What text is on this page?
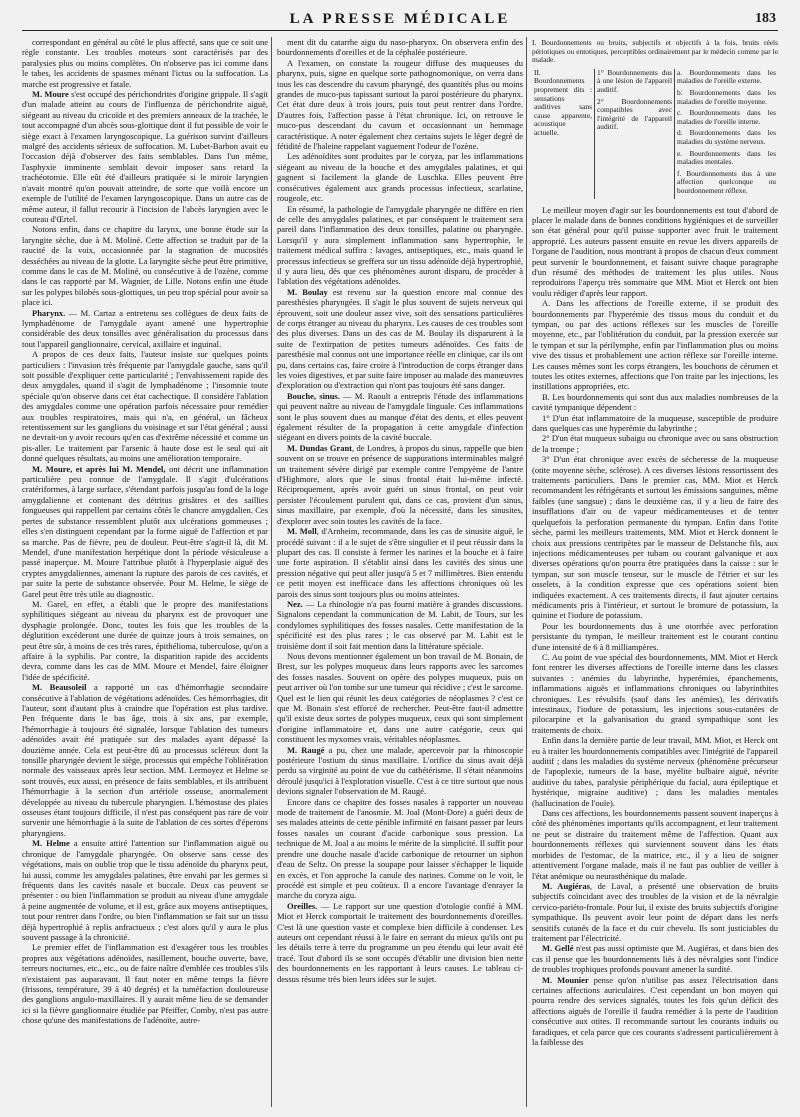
LA PRESSE MÉDICALE	183

correspondant en général au côté le plus affecté, sans que ce soit une règle constante. Les troubles moteurs sont caractérisés par des paralysies plus ou moins complètes. On n'observe pas ici comme dans le tabes, les accidents de spasmes ménant l'ictus ou la suffocation. La marche est progressive et fatale.

M. Moure s'est occupé des périchondrites d'origine grippale. Il s'agit d'un malade atteint au cours de l'influenza de périchondrite aiguë, siégeant au niveau du cricoïde et des premiers anneaux de la trachée, le tout accompagné d'un abcès sous-glottique dont il fut possible de voir le siège exact à l'examen laryngoscopique. La guérison survint d'ailleurs malgré des accidents sérieux de suffocation. M. Lubet-Barbon avait eu l'occasion déjà d'observer des faits semblables. Dans l'un même, l'asphyxie imminente semblait devoir imposer sans retard la trachéotomie. Elle eût été d'ailleurs pratiquée si le miroir laryngien n'avait montré qu'on pouvait atteindre, de sorte que voilà encore un exemple de l'utilité de l'examen laryngoscopique. Dans un autre cas de même auteur, il fallut recourir à l'incision de l'abcès laryngien avec le couteau d'Œrtel.

Notons enfin, dans ce chapitre du larynx, une bonne étude sur la laryngite sèche, due à M. Moliné. Cette affection se traduit par de la raucité de la voix, occasionnée par la stagnation de mucosités desséchées au niveau de la glotte. La laryngite sèche peut être primitive, comme dans le cas de M. Moliné, ou consécutive à de l'ozène, comme dans le cas rapporté par M. Wagnier, de Lille. Notons enfin une étude sur les polypes bilobés sous-glottiques, un peu trop spécial pour avoir sa place ici.

Pharynx. — M. Cartaz a entretenu ses collègues de deux faits de lymphadénome de l'amygdale ayant amené une hypertrophie considérable des deux tonsilles avec généralisation du processus dans tout l'appareil ganglionnaire, cervical, axillaire et inguinal.

A propos de ces deux faits, l'auteur insiste sur quelques points particuliers : l'invasion très fréquente par l'amygdale gauche, sans qu'il soit possible d'expliquer cette particularité ; l'envahissement rapide des deux amygdales, quand il s'agit de lymphadénome ; l'insomnie toute spéciale qu'on observe dans cet état cachectique. Il considère l'ablation des amygdales comme une opération parfois nécessaire pour remédier aux troubles respiratoires, mais qui n'a, en général, un fâcheux retentissement sur les ganglions du voisinage et sur l'état général ; aussi ne devrait-on y avoir recours qu'en cas d'extrême nécessité et comme un pis-aller. Le traitement par l'arsenic à haute dose est le seul qui ait donné quelques résultats, au moins une amélioration temporaire.

M. Moure, et après lui M. Mendel, ont décrit une inflammation particulière peu connue de l'amygdale. Il s'agit d'ulcérations cratériformes, à large surface, s'étendant parfois jusqu'au fond de la loge amygdalienne et contenant des détritus grisâtres et des saillies fongueuses qui rappellent par certains côtés le chancre amygdalien. Ces pertes de substance ressemblent plutôt aux ulcérations gommeuses ; elles s'en distinguent cependant par la forme aiguë de l'affection et par sa marche. Pas de fièvre, peu de douleur. Peut-être s'agit-il là, dit M. Mendel, d'une manifestation herpétique dont la période vésiculeuse a passé inaperçue. M. Moure l'attribue plutôt à l'hyperplasie aiguë des cryptes amygdaliennes, amenant la rupture des parois de ces cavités, et par suite la perte de substance observée. Pour M. Helme, le siège de Garel peut être très utile au diagnostic.

M. Garel, en effet, a établi que le propre des manifestations syphilitiques siégeant au niveau du pharynx est de provoquer une dysphagie prolongée. Donc, toutes les fois que les troubles de la déglutition excéderont une durée de quinze jours à trois semaines, on peut être sûr, à moins de ces très rares, épithélioma, tuberculose, qu'on a affaire à la syphilis. Par contre, la disparition rapide des accidents devra, comme dans les cas de MM. Moure et Mendel, faire éloigner l'idée de spécificité.

M. Beausoleil a rapporté un cas d'hémorrhagie secondaire consécutive à l'ablation de végétations adénoïdes. Ces hémorrhagies, dit l'auteur, sont d'autant plus à craindre que l'opération est plus tardive. Pen fréquente dans le bas âge, trois à six ans, par exemple, l'hémorrhagie à toujours été signalée, lorsque l'ablation des tumeurs adénoïdes avait été pratiquée sur des malades ayant dépassé la douzième année. Cela est peut-être dû au processus scléreux dont la tonsille pharyngée devient le siège, processus qui empêche l'oblitération normale des vaisseaux après leur section. MM. Lermoyez et Helme se sont trouvés, eux aussi, en présence de faits semblables, et ils attribuent l'hémorrhagie à la section d'un artériole osseuse, anormalement développée au niveau du tubercule pharyngien. L'hémostase des plaies osseuses étant toujours difficile, il n'est pas conséquent pas rare de voir survenir une hémorrhagie à la suite de l'ablation de ces sortes d'éperons pharyngiens.

M. Helme a ensuite attiré l'attention sur l'inflammation aiguë ou chronique de l'amygdale pharyngée. On observe sans cesse des végétations, mais on oublie trop que le tissu adénoïde du pharynx peut, lui aussi, comme les amygdales palatines, être envahi par les germes si fréquents dans les cavités nasale et buccale. Deux cas peuvent se présenter : ou bien l'inflammation se produit au niveau d'une amygdale à peine augmentée de volume, et il est, grâce aux moyens antiseptiques, tout pour rentrer dans l'ordre, ou bien l'inflammation se fait sur un tissu déjà hypertrophié à replis anfractueux ; c'est alors qu'il y aura le plus souvent passage à la chronicité.

Le premier effet de l'inflammation est d'exagérer tous les troubles propres aux végétations adénoïdes, nasillement, bouche ouverte, bave, terreurs nocturnes, etc., etc., ou de faire naître d'emblée ces troubles s'ils n'existaient pas auparavant. Il faut noter en même temps la fièvre (frissons, température, 39 à 40 degrés) et la tuméfaction douloureuse des ganglions angulo-maxillaires. Il y aurait même lieu de se demander ici si la fièvre ganglionnaire étudiée par Pfeiffer, Comby, n'est pas autre chose qu'une des manifestations de l'adénoïte, autre-

ment dit du catarrhe aigu du naso-pharynx. On observera enfin des bourdonnements d'oreilles et de la céphalée postérieure.

A l'examen, on constate la rougeur diffuse des muqueuses du pharynx, puis, signe en quelque sorte pathognomonique, on verra dans tous les cas descendre du cavum pharyngé, des quantités plus ou moins grandes de muco-pus tapissant surtout la paroi postérieure du pharynx. Cet état dure deux à trois jours, puis tout peut rentrer dans l'ordre. D'autres fois, l'affection passe à l'état chronique. Ici, on retrouve le muco-pus descendant du cavum et occasionnant un hemmage caractéristique. A noter également chez certains sujets le léger degré de fétidité de l'haleine rappelant vaguement l'odeur de l'ozène.

Les adénoïdites sont produites par le coryza, par les inflammations siégeant au niveau de la bouche et des amygdales palatines, et qui gagnent si facilement la glande de Luschka. Elles peuvent être consécutives également aux grands processus infectieux, scarlatine, rougeole, etc.

En résumé, la pathologie de l'amygdale pharyngée ne diffère en rien de celle des amygdales palatines, et par conséquent le traitement sera pareil dans l'inflammation des deux tonsilles, palatine ou pharyngée. Lorsqu'il y aura simplement inflammation sans hypertrophie, le traitement médical suffira : lavages, antiseptiques, etc., mais quand le processus infectieux se greffera sur un tissu adénoïde déjà hypertrophié, il y aura lieu, dès que ces phénomènes auront disparu, de procéder à l'ablation des végétations adénoïdes.

M. Boulay est revenu sur la question encore mal connue des paresthésies pharyngées. Il s'agit le plus souvent de sujets nerveux qui éprouvent, soit une douleur assez vive, soit des sensations particulières de corps étranger au niveau du pharynx. Les causes de ces troubles sont des plus diverses. Dans un des cas de M. Boulay ils disparurent à la suite de l'extirpation de petites tumeurs adénoïdes. Ces faits de paresthésie mal connus ont une importance réelle en clinique, car ils ont pu, dans certains cas, faire croire à l'introduction de corps étranger dans les voies digestives, et par suite faire imposer au malade des manœuvres d'exploration ou d'extraction qui n'ont pas toujours été sans danger.

Bouche, sinus. — M. Raoult a entrepris l'étude des inflammations qui peuvent naître au niveau de l'amygdale linguale. Ces inflammations sont le plus souvent dues au manque d'état des dents, et elles peuvent également résulter de la propagation à cette amygdale d'infection siégeant en divers points de la cavité buccale.

M. Dundas Grant, de Londres, à propos du sinus, rappelle que bien souvent on se trouve en présence de suppurations interminables malgré un traitement sévère dirigé par exemple contre l'empyème de l'antre d'Highmore, alors que le sinus frontal était lui-même infecté. Réciproquement, après avoir guéri un sinus frontal, on peut voir persister l'écoulement purulent qui, dans ce cas, provient d'un sinus, sinus maxillaire, par exemple, d'où la nécessité, dans les sinusites, d'explorer avec soin toutes les cavités de la face.

M. Moll, d'Arnheim, recommande, dans les cas de sinusite aiguë, le procédé suivant : il a le sujet de s'être singulier et il peut réussir dans la plupart des cas. Il consiste à fermer les narines et la bouche et à faire une forte aspiration. Il s'établit ainsi dans les cavités des sinus une pression négative qui peut aller jusqu'à 5 et 7 millimètres. Bien entendu ce petit moyen est inefficace dans les affections chroniques où les parois des sinus sont toujours plus ou moins atteintes.

Nez. — La rhinologie n'a pas fourni matière à grandes discussions. Signalons cependant la communication de M. Labit, de Tours, sur les condylomes syphilitiques des fosses nasales. Cette manifestation de la spécificité est des plus rares ; le cas observé par M. Labit est le troisième dont il soit fait mention dans la littérature spéciale.

Nous devons mentionner également un bon travail de M. Bonain, de Brest, sur les polypes muqueux dans leurs rapports avec les sarcomes des fosses nasales. Souvent on opère des polypes muqueux, puis on peut arriver où l'on tombe sur une tumeur qui récidive ; c'est le sarcome. Quel est le lien qui réunit les deux catégories de néoplasmes ? c'est ce que M. Bonain s'est efforcé de rechercher. Peut-être faut-il admettre qu'il existe deux sortes de polypes muqueux, ceux qui sont simplement d'origine inflammatoire et, dans une autre catégorie, ceux qui constituent les myxomes vrais, véritables néoplasmes.

M. Raugé a pu, chez une malade, apercevoir par la rhinoscopie postérieure l'ostium du sinus maxillaire. L'orifice du sinus avait déjà perdu sa virginité au point de vue du cathétérisme. Il s'était néanmoins déroulé jusqu'ici à l'exploration visuelle. C'est à ce titre surtout que nous devions signaler l'observation de M. Raugé.

Encore dans ce chapitre des fosses nasales à rapporter un nouveau mode de traitement de l'anosmie. M. Joal (Mont-Dore) a guéri deux de ses malades atteints de cette pénible infirmité en faisant passer par leurs fosses nasales un courant d'acide carbonique sous pression. La technique de M. Joal a au moins le mérite de la simplicité. Il suffit pour prendre une douche nasale d'acide carbonique de retourner un siphon d'eau de Seltz. On presse la soupape pour laisser s'échapper le liquide en excès, et l'on approche la canule des narines. Comme on le voit, le procédé est simple et peu coûteux. Il a encore l'avantage d'enrayer la marche du coryza aigu.

Oreilles. — Le rapport sur une question d'otologie confié à MM. Miot et Herck comportait le traitement des bourdonnements d'oreilles. C'est là une question vaste et complexe bien difficile à condenser. Les auteurs ont cependant réussi à le faire en serrant du mieux qu'ils ont pu les détails terre à terre du programme un peu étendu qui leur avait été tracé. Tout d'abord ils se sont occupés d'établir une division bien nette des bourdonnements en les rapportant à leurs causes. Le tableau ci-dessus résume très bien leurs idées sur le sujet.

I. Bourdonnements ou bruits, subjectifs et objectifs à la fois, bruits réels périotiques ou entotiques, perceptibles ordinairement par le médecin comme par le malade.
II. Bourdonnements proprement dits : sensations auditives sans cause apparente, acoustique actuelle.
1° Bourdonnements dus à une lésion de l'appareil auditif.
2° Bourdonnements compatibles avec l'intégrité de l'appareil auditif.
a. Bourdonnements dans les maladies de l'oreille externe.
b. Bourdonnements dans les maladies de l'oreille moyenne.
c. Bourdonnements dans les maladies de l'oreille interne.
d. Bourdonnements dans les maladies du système nerveux.
e. Bourdonnements dans les maladies mentales.
f. Bourdonnements dus à une affection quelconque ou bourdonnement réflexe.

Le meilleur moyen d'agir sur les bourdonnements est tout d'abord de placer le malade dans de bonnes conditions hygiéniques et de surveiller son état général pour qu'il puisse supporter avec fruit le traitement approprié. Les auteurs passent ensuite en revue les divers appareils de l'organe de l'audition, nous montrant à propos de chacun d'eux comment peut survenir le bourdonnement, et faisant suivre chaque paragraphe d'un résumé des méthodes de traitement les plus utiles. Nous reproduirons l'aperçu très sommaire que MM. Miot et Herck ont bien voulu rédiger d'après leur rapport.

A. Dans les affections de l'oreille externe, il se produit des bourdonnements par l'hyperémie des tissus mous du conduit et du tympan, ou par des actions réflexes sur les muscles de l'oreille moyenne, etc., par l'oblitération du conduit, par la pression exercée sur le tympan et sur la périlymphe, enfin par l'inflammation plus ou moins vive des tissus et probablement une action réflexe sur l'oreille interne. Les causes mêmes sont les corps étrangers, les bouchons de cérumen et toutes les otites externes, affections que l'on traite par les injections, les instillations appropriées, etc.

B. Les bourdonnements qui sont dus aux maladies nombreuses de la cavité tympanique dépendent :

1° D'un état inflammatoire de la muqueuse, susceptible de produire dans quelques cas une hyperémie du labyrinthe ;

2° D'un état muqueux subaigu ou chronique avec ou sans obstruction de la trompe ;

3° D'un état chronique avec excès de sécheresse de la muqueuse (otite moyenne sèche, sclérose). A ces diverses lésions ressortissent des traitements particuliers. Dans le premier cas, MM. Miot et Herck recommandent les réfrigérants et surtout les émissions sanguines, même faibles (une sangsue) ; dans le deuxième cas, il y a lieu de faire des insufflations d'air ou de vapeur médicamenteuses et de tenter quelquefois la perforation permanente du tympan. Enfin dans l'otite sèche, parmi les meilleurs traitements, MM. Miot et Herck donnent le choix aux pressions centripètes par le masseur de Delstanche fils, aux injections médicamenteuses per tubam ou courant galvanique et aux diverses opérations qu'on pourra être pratiquées dans la caisse : sur le tympan, sur son muscle tenseur, sur le muscle de l'étrier et sur les osselets, à la condition expresse que ces opérations soient bien indiquées exactement. A ces traitements directs, il faut ajouter certains médicaments pris à l'intérieur, et surtout le bromure de potassium, la quinine et l'iodure de potassium.

Pour les bourdonnements dus à une otorrhée avec perforation persistante du tympan, le meilleur traitement est le courant continu d'une intensité de 6 à 8 milliampères.

C. Au point de vue spécial des bourdonnements, MM. Miot et Herck font rentrer les diverses affections de l'oreille interne dans les classes suivantes : anémies du labyrinthe, hyperémies, épanchements, inflammations aiguës et inflammations chroniques ou labyrinthites chroniques. Les révulsifs (sauf dans les anémies), les dérivatifs intestinaux, l'iodure de potassium, les injections sous-cutanées de pilocarpine et la galvanisation du grand sympathique sont les traitements de choix.

Enfin dans la dernière partie de leur travail, MM. Miot, et Herck ont eu à traiter les bourdonnements compatibles avec l'intégrité de l'appareil auditif ; dans les maladies du système nerveux (phénomène précurseur de l'apoplexie, tumeurs de la base, myélite bulbaire aiguë, névrite auditive du tabes, paralysie périphérique du facial, aura épileptique et hystérique, migraine auditive) ; dans les maladies mentales (hallucination de l'ouïe).

Dans ces affections, les bourdonnements passent souvent inaperçus à côté des phénomènes importants qu'ils accompagnent, et leur traitement ne peut se distraire du traitement même de l'affection. Quant aux bourdonnements réflexes qui surviennent souvent dans les états morbides de l'estomac, de la matrice, etc., il y a lieu de soigner attentivement l'organe malade, mais il ne faut pas oublier de veiller à l'état anémique ou neurasthénique du malade.

M. Augiéras, de Laval, a présenté une observation de bruits subjectifs coïncidant avec des troubles de la vision et de la névralgie cervico-pariéto-frontale. Pour lui, il existe des bruits subjectifs d'origine sympathique. Ils peuvent avoir leur point de départ dans les nerfs sensitifs cutanés de la face et du cuir chevelu. Ils sont justiciables du traitement par l'électricité.

M. Gellé n'est pas aussi optimiste que M. Augiéras, et dans bien des cas il pense que les bourdonnements liés à des névralgies sont l'indice de troubles trophiques profonds pouvant amener la surdité.

M. Mounier pense qu'on n'utilise pas assez l'électrisation dans certaines affections auriculaires. C'est cependant un bon moyen qui pourra rendre des services signalés, toutes les fois qu'un déficit des affections aiguës de l'oreille il faudra remédier à la perte de l'audition consécutive aux otites. Il recommande surtout les courants induits ou faradiques, et cela parce que ces courants s'adressent particulièrement à la faiblesse des
